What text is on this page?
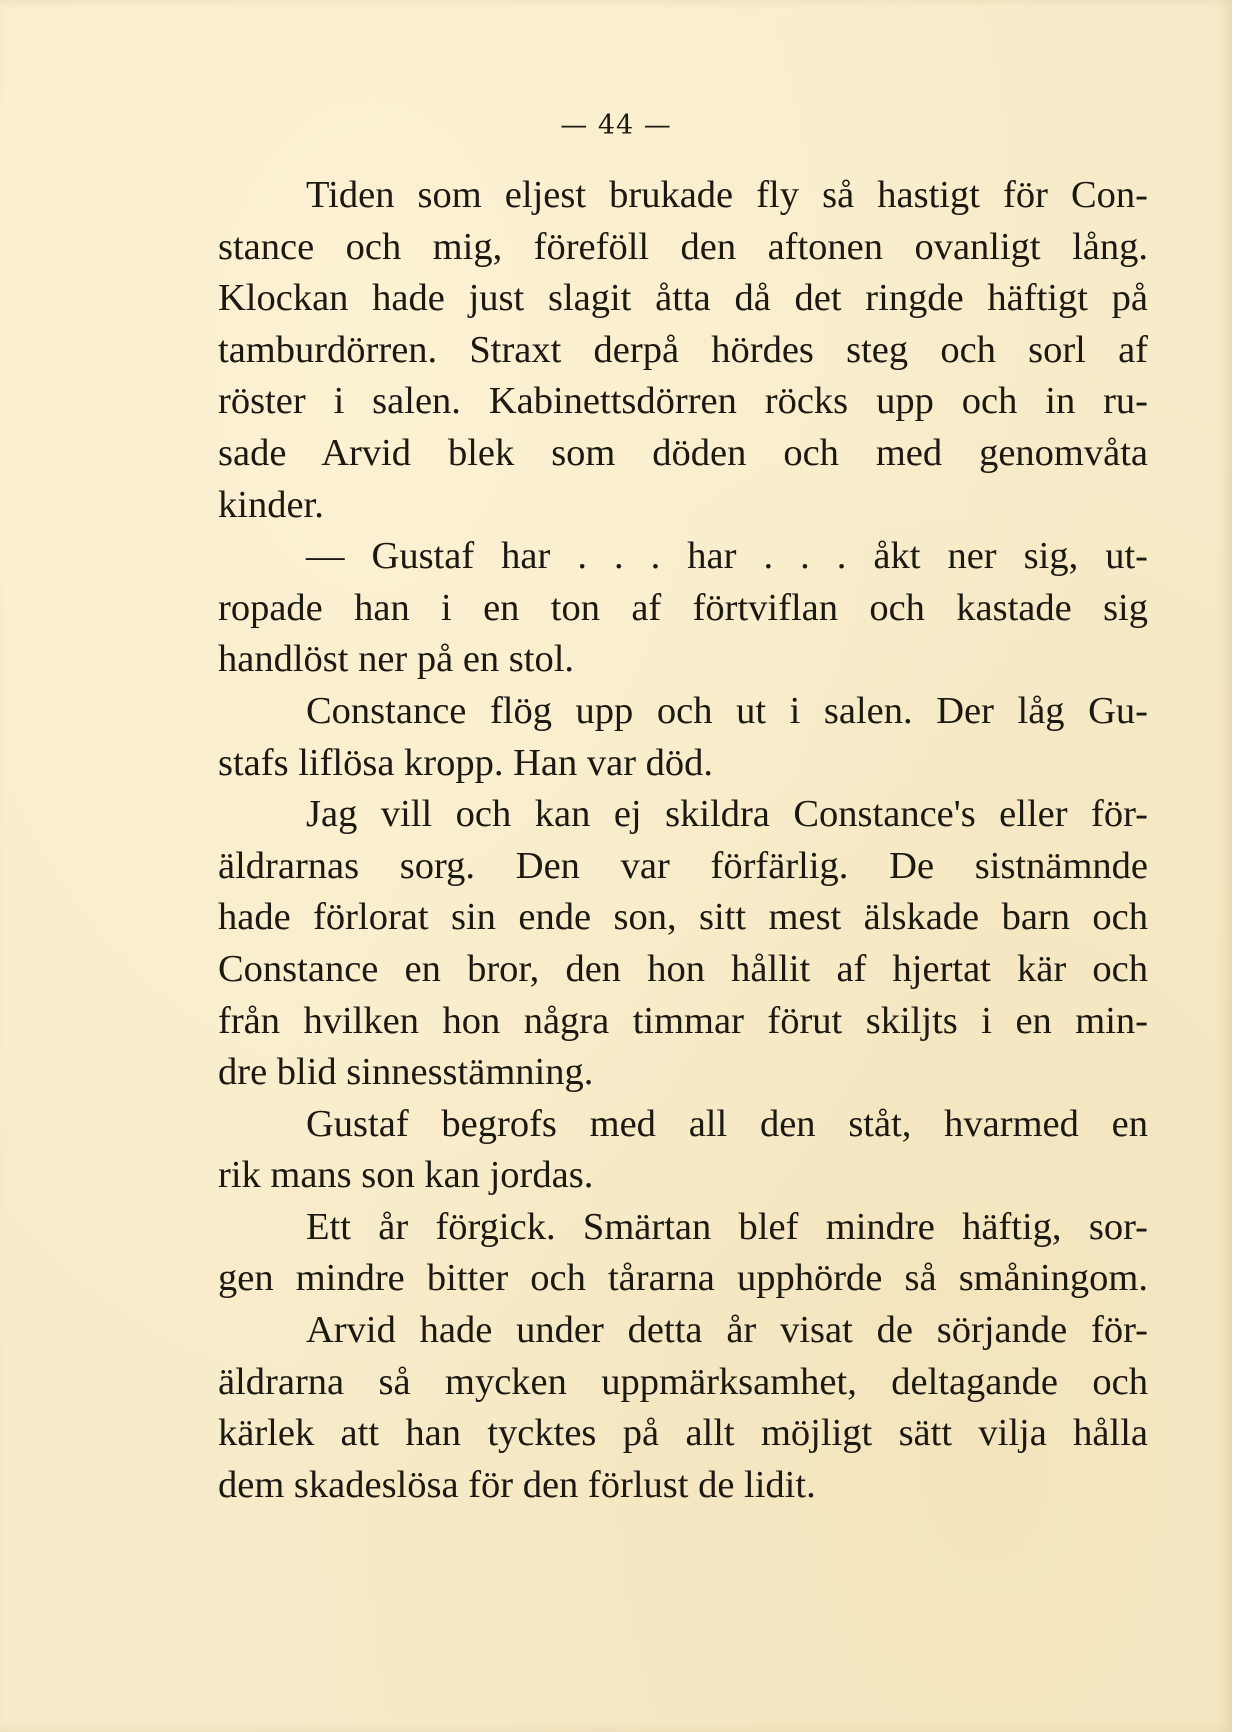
— 44 —
Tiden som eljest brukade fly så hastigt för Con-
stance och mig, föreföll den aftonen ovanligt lång.
Klockan hade just slagit åtta då det ringde häftigt på
tamburdörren. Straxt derpå hördes steg och sorl af
röster i salen. Kabinettsdörren röcks upp och in ru-
sade Arvid blek som döden och med genomvåta
kinder.
— Gustaf har . . . har . . . åkt ner sig, ut-
ropade han i en ton af förtviflan och kastade sig
handlöst ner på en stol.
Constance flög upp och ut i salen. Der låg Gu-
stafs liflösa kropp. Han var död.
Jag vill och kan ej skildra Constance's eller för-
äldrarnas sorg. Den var förfärlig. De sistnämnde
hade förlorat sin ende son, sitt mest älskade barn och
Constance en bror, den hon hållit af hjertat kär och
från hvilken hon några timmar förut skiljts i en min-
dre blid sinnesstämning.
Gustaf begrofs med all den ståt, hvarmed en
rik mans son kan jordas.
Ett år förgick. Smärtan blef mindre häftig, sor-
gen mindre bitter och tårarna upphörde så småningom.
Arvid hade under detta år visat de sörjande för-
äldrarna så mycken uppmärksamhet, deltagande och
kärlek att han tycktes på allt möjligt sätt vilja hålla
dem skadeslösa för den förlust de lidit.
